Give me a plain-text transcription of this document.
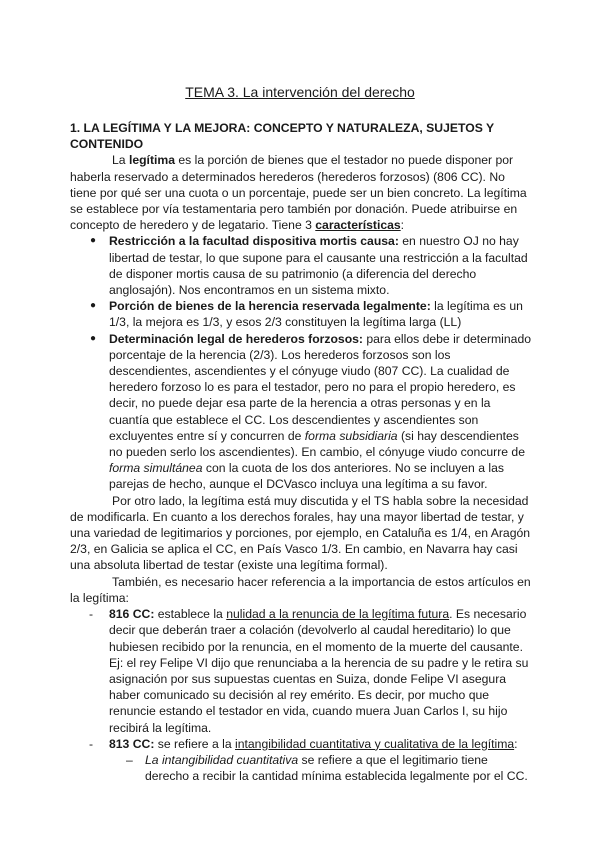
TEMA 3. La intervención del derecho

1. LA LEGÍTIMA Y LA MEJORA: CONCEPTO Y NATURALEZA, SUJETOS Y CONTENIDO

La legítima es la porción de bienes que el testador no puede disponer por haberla reservado a determinados herederos (herederos forzosos) (806 CC). No tiene por qué ser una cuota o un porcentaje, puede ser un bien concreto. La legítima se establece por vía testamentaria pero también por donación. Puede atribuirse en concepto de heredero y de legatario. Tiene 3 características:

● Restricción a la facultad dispositiva mortis causa: en nuestro OJ no hay libertad de testar, lo que supone para el causante una restricción a la facultad de disponer mortis causa de su patrimonio (a diferencia del derecho anglosajón). Nos encontramos en un sistema mixto.
● Porción de bienes de la herencia reservada legalmente: la legítima es un 1/3, la mejora es 1/3, y esos 2/3 constituyen la legítima larga (LL)
● Determinación legal de herederos forzosos: para ellos debe ir determinado porcentaje de la herencia (2/3). Los herederos forzosos son los descendientes, ascendientes y el cónyuge viudo (807 CC). La cualidad de heredero forzoso lo es para el testador, pero no para el propio heredero, es decir, no puede dejar esa parte de la herencia a otras personas y en la cuantía que establece el CC. Los descendientes y ascendientes son excluyentes entre sí y concurren de forma subsidiaria (si hay descendientes no pueden serlo los ascendientes). En cambio, el cónyuge viudo concurre de forma simultánea con la cuota de los dos anteriores. No se incluyen a las parejas de hecho, aunque el DCVasco incluya una legítima a su favor.

Por otro lado, la legítima está muy discutida y el TS habla sobre la necesidad de modificarla. En cuanto a los derechos forales, hay una mayor libertad de testar, y una variedad de legitimarios y porciones, por ejemplo, en Cataluña es 1/4, en Aragón 2/3, en Galicia se aplica el CC, en País Vasco 1/3. En cambio, en Navarra hay casi una absoluta libertad de testar (existe una legítima formal).

También, es necesario hacer referencia a la importancia de estos artículos en la legítima:

- 816 CC: establece la nulidad a la renuncia de la legítima futura. Es necesario decir que deberán traer a colación (devolverlo al caudal hereditario) lo que hubiesen recibido por la renuncia, en el momento de la muerte del causante. Ej: el rey Felipe VI dijo que renunciaba a la herencia de su padre y le retira su asignación por sus supuestas cuentas en Suiza, donde Felipe VI asegura haber comunicado su decisión al rey emérito. Es decir, por mucho que renuncie estando el testador en vida, cuando muera Juan Carlos I, su hijo recibirá la legítima.
- 813 CC: se refiere a la intangibilidad cuantitativa y cualitativa de la legítima:
– La intangibilidad cuantitativa se refiere a que el legitimario tiene derecho a recibir la cantidad mínima establecida legalmente por el CC.
